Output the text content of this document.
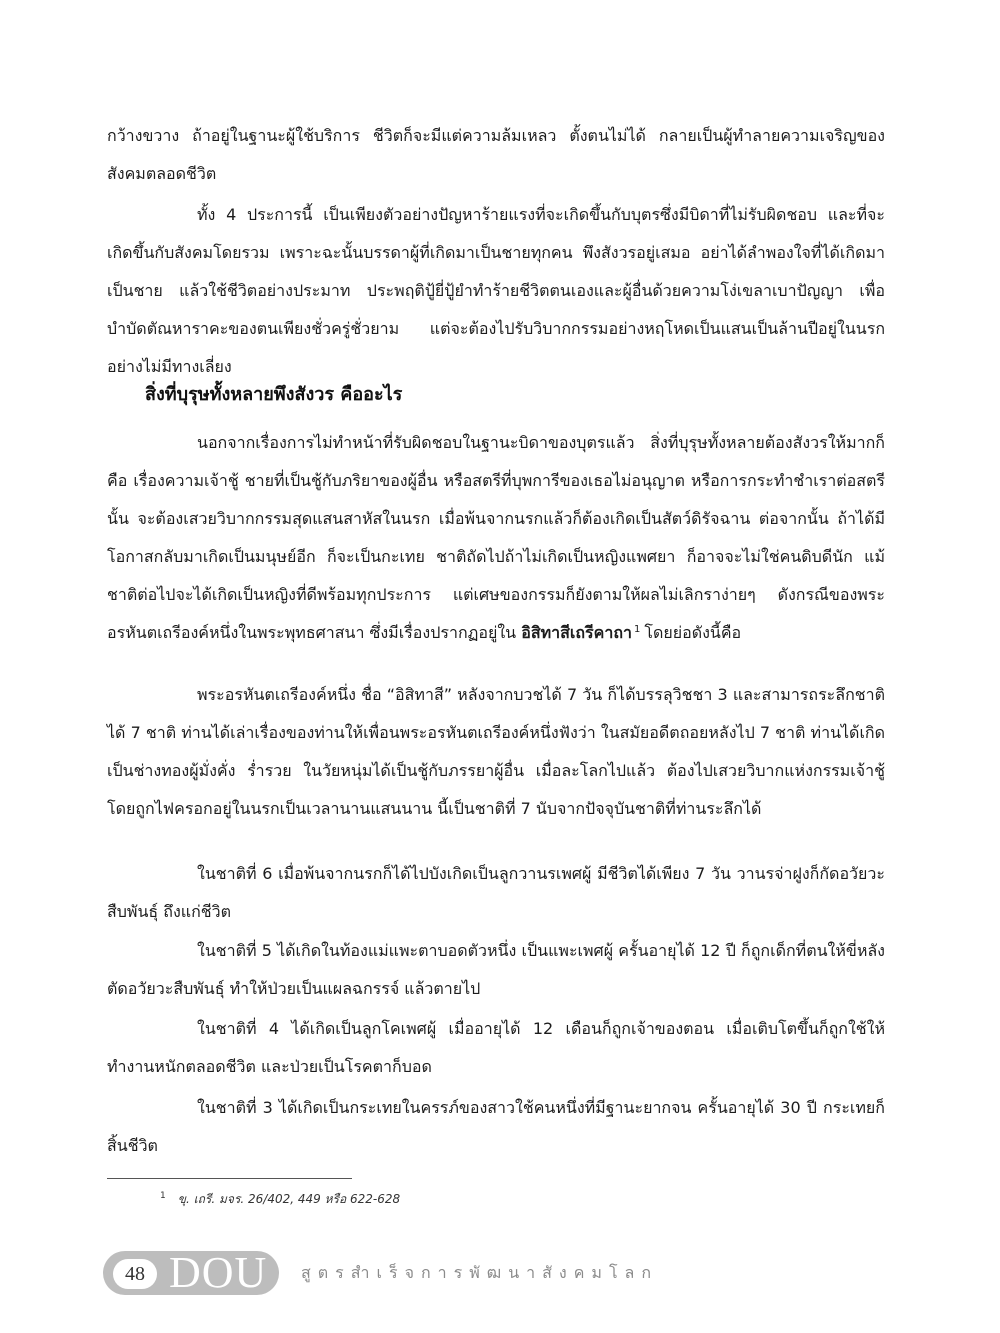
กว้างขวาง ถ้าอยู่ในฐานะผู้ใช้บริการ ชีวิตก็จะมีแต่ความล้มเหลว ตั้งตนไม่ได้ กลายเป็นผู้ทำลายความเจริญของสังคมตลอดชีวิต

ทั้ง 4 ประการนี้ เป็นเพียงตัวอย่างปัญหาร้ายแรงที่จะเกิดขึ้นกับบุตรซึ่งมีบิดาที่ไม่รับผิดชอบ และที่จะเกิดขึ้นกับสังคมโดยรวม เพราะฉะนั้นบรรดาผู้ที่เกิดมาเป็นชายทุกคน พึงสังวรอยู่เสมอ อย่าได้ลำพองใจที่ได้เกิดมาเป็นชาย แล้วใช้ชีวิตอย่างประมาท ประพฤติปู้ยี่ปู้ยำทำร้ายชีวิตตนเองและผู้อื่นด้วยความโง่เขลาเบาปัญญา เพื่อบำบัดตัณหาราคะของตนเพียงชั่วครู่ชั่วยาม แต่จะต้องไปรับวิบากกรรมอย่างหฤโหดเป็นแสนเป็นล้านปีอยู่ในนรกอย่างไม่มีทางเลี่ยง

สิ่งที่บุรุษทั้งหลายพึงสังวร คืออะไร

นอกจากเรื่องการไม่ทำหน้าที่รับผิดชอบในฐานะบิดาของบุตรแล้ว สิ่งที่บุรุษทั้งหลายต้องสังวรให้มากก็คือ เรื่องความเจ้าชู้ ชายที่เป็นชู้กับภริยาของผู้อื่น หรือสตรีที่บุพการีของเธอไม่อนุญาต หรือการกระทำชำเราต่อสตรีนั้น จะต้องเสวยวิบากกรรมสุดแสนสาหัสในนรก เมื่อพ้นจากนรกแล้วก็ต้องเกิดเป็นสัตว์ดิรัจฉาน ต่อจากนั้น ถ้าได้มีโอกาสกลับมาเกิดเป็นมนุษย์อีก ก็จะเป็นกะเทย ชาติถัดไปถ้าไม่เกิดเป็นหญิงแพศยา ก็อาจจะไม่ใช่คนดิบดีนัก แม้ชาติต่อไปจะได้เกิดเป็นหญิงที่ดีพร้อมทุกประการ แต่เศษของกรรมก็ยังตามให้ผลไม่เลิกราง่ายๆ ดังกรณีของพระอรหันตเถรีองค์หนึ่งในพระพุทธศาสนา ซึ่งมีเรื่องปรากฏอยู่ใน อิสิทาสีเถรีคาถา $^1$ โดยย่อดังนี้คือ

พระอรหันตเถรีองค์หนึ่ง ชื่อ “อิสิทาสี” หลังจากบวชได้ 7 วัน ก็ได้บรรลุวิชชา 3 และสามารถระลึกชาติได้ 7 ชาติ ท่านได้เล่าเรื่องของท่านให้เพื่อนพระอรหันตเถรีองค์หนึ่งฟังว่า ในสมัยอดีตถอยหลังไป 7 ชาติ ท่านได้เกิดเป็นช่างทองผู้มั่งคั่ง ร่ำรวย ในวัยหนุ่มได้เป็นชู้กับภรรยาผู้อื่น เมื่อละโลกไปแล้ว ต้องไปเสวยวิบากแห่งกรรมเจ้าชู้โดยถูกไฟครอกอยู่ในนรกเป็นเวลานานแสนนาน นี้เป็นชาติที่ 7 นับจากปัจจุบันชาติที่ท่านระลึกได้

ในชาติที่ 6 เมื่อพ้นจากนรกก็ได้ไปบังเกิดเป็นลูกวานรเพศผู้ มีชีวิตได้เพียง 7 วัน วานรจ่าฝูงก็กัดอวัยวะสืบพันธุ์ ถึงแก่ชีวิต

ในชาติที่ 5 ได้เกิดในท้องแม่แพะตาบอดตัวหนึ่ง เป็นแพะเพศผู้ ครั้นอายุได้ 12 ปี ก็ถูกเด็กที่ตนให้ขี่หลัง ตัดอวัยวะสืบพันธุ์ ทำให้ป่วยเป็นแผลฉกรรจ์ แล้วตายไป

ในชาติที่ 4 ได้เกิดเป็นลูกโคเพศผู้ เมื่ออายุได้ 12 เดือนก็ถูกเจ้าของตอน เมื่อเติบโตขึ้นก็ถูกใช้ให้ทำงานหนักตลอดชีวิต และป่วยเป็นโรคตาก็บอด

ในชาติที่ 3 ได้เกิดเป็นกระเทยในครรภ์ของสาวใช้คนหนึ่งที่มีฐานะยากจน ครั้นอายุได้ 30 ปี กระเทยก็สิ้นชีวิต

$^1$ ขุ. เถรี. มจร. 26/402, 449 หรือ 622-628
48 DOU สูตรสำเร็จการพัฒนาสังคมโลก
